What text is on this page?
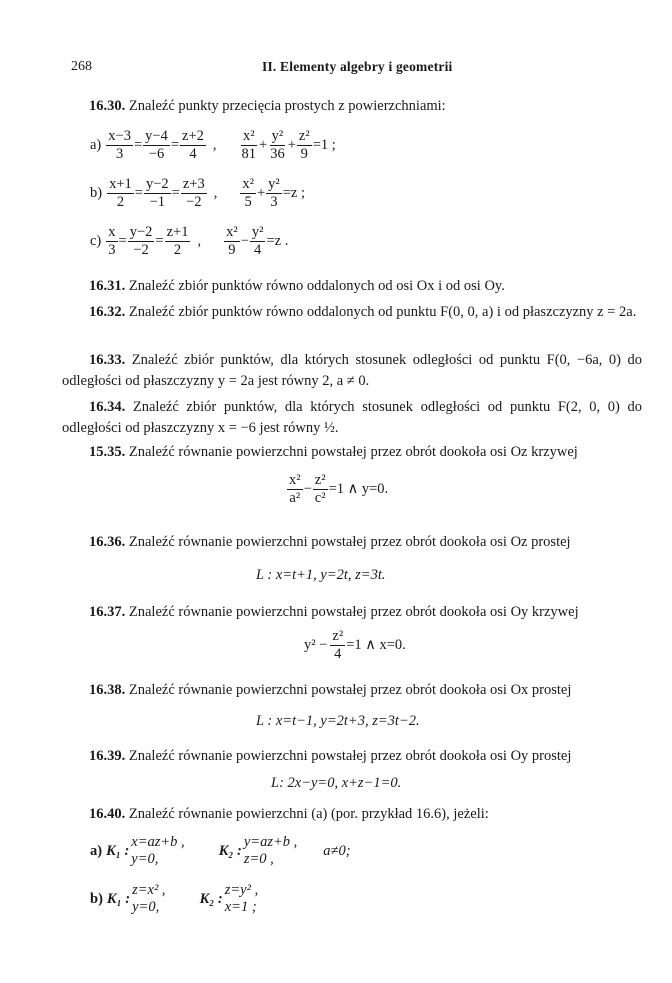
268	II. Elementy algebry i geometrii
16.30. Znaleźć punkty przecięcia prostych z powierzchniami:
$a) \frac{x-3}{3} = \frac{y-4}{-6} = \frac{z+2}{4}$ , $\frac{\text{x²}}{81} + \frac{\text{y²}}{36} + \frac{\text{z²}}{9} =1$ ;
$b) \frac{x+1}{2} = \frac{y-2}{-1} = \frac{z+3}{-2}$ , $\frac{\text{x²}}{5} + \frac{\text{y²}}{3} =z$ ;
$c) \frac{x}{3} = \frac{y-2}{-2} = \frac{z+1}{2}$ , $\frac{\text{x²}}{9} - \frac{\text{y²}}{4} =z$ .
16.31. Znaleźć zbiór punktów równo oddalonych od osi Ox i od osi Oy.
16.32. Znaleźć zbiór punktów równo oddalonych od punktu F(0, 0, a) i od płaszczyzny z = 2a.
16.33. Znaleźć zbiór punktów, dla których stosunek odległości od punktu F(0, −6a, 0) do odległości od płaszczyzny y = 2a jest równy 2, a ≠ 0.
16.34. Znaleźć zbiór punktów, dla których stosunek odległości od punktu F(2, 0, 0) do odległości od płaszczyzny x = −6 jest równy ½.
15.35. Znaleźć równanie powierzchni powstałej przez obrót dookoła osi Oz krzywej
$\frac{\text{x²}}{\text{a²}} - \frac{\text{z²}}{\text{c²}} =1$ ∧ y=0.
16.36. Znaleźć równanie powierzchni powstałej przez obrót dookoła osi Oz prostej
L : x=t+1, y=2t, z=3t.
16.37. Znaleźć równanie powierzchni powstałej przez obrót dookoła osi Oy krzywej
$y^2 - \frac{\text{z²}}{4} =1$ ∧ x=0.
16.38. Znaleźć równanie powierzchni powstałej przez obrót dookoła osi Ox prostej
L : x=t−1, y=2t+3, z=3t−2.
16.39. Znaleźć równanie powierzchni powstałej przez obrót dookoła osi Oy prostej
L: 2x−y=0, x+z−1=0.
16.40. Znaleźć równanie powierzchni (a) (por. przykład 16.6), jeżeli:
a) K₁ :
x=az+b ,
y=0,
K₂ :
y=az+b ,
z=0 ,
a≠0;
b) K₁ :
z=x² ,
y=0,
K₂ :
z=y² ,
x=1 ;
